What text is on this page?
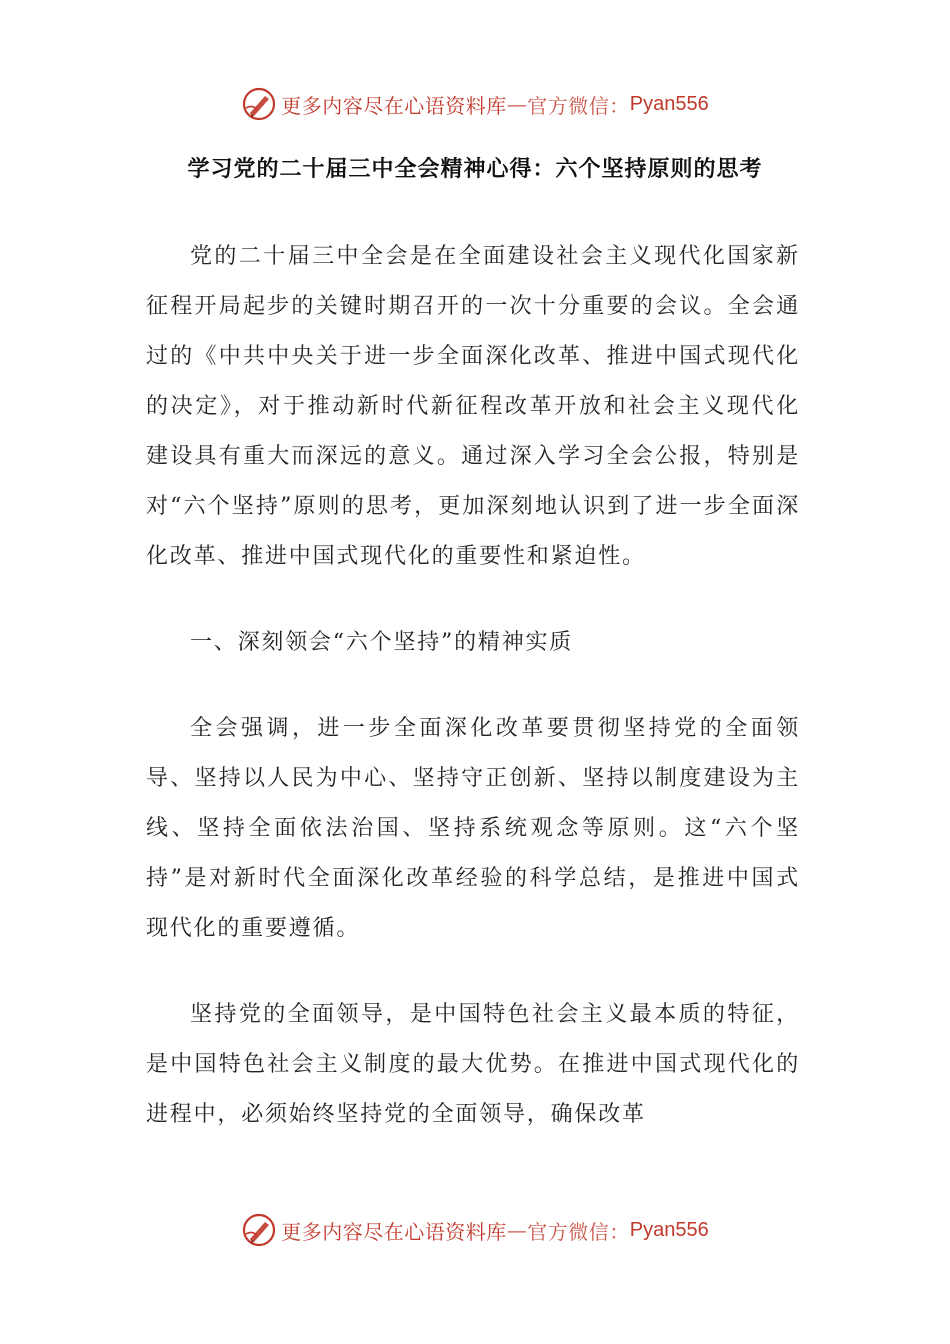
更多内容尽在心语资料库 — 官方微信： Pyan556
学习党的二十届三中全会精神心得：六个坚持原则的思考

党的二十届三中全会是在全面建设社会主义现代化国家新征程开局起步的关键时期召开的一次十分重要的会议。全会通过的《中共中央关于进一步全面深化改革、推进中国式现代化的决定》，对于推动新时代新征程改革开放和社会主义现代化建设具有重大而深远的意义。通过深入学习全会公报，特别是对“六个坚持”原则的思考，更加深刻地认识到了进一步全面深化改革、推进中国式现代化的重要性和紧迫性。

一、深刻领会“六个坚持”的精神实质

全会强调，进一步全面深化改革要贯彻坚持党的全面领导、坚持以人民为中心、坚持守正创新、坚持以制度建设为主线、坚持全面依法治国、坚持系统观念等原则。这“六个坚持”是对新时代全面深化改革经验的科学总结，是推进中国式现代化的重要遵循。

坚持党的全面领导，是中国特色社会主义最本质的特征，是中国特色社会主义制度的最大优势。在推进中国式现代化的进程中，必须始终坚持党的全面领导，确保改革

更多内容尽在心语资料库 — 官方微信： Pyan556
